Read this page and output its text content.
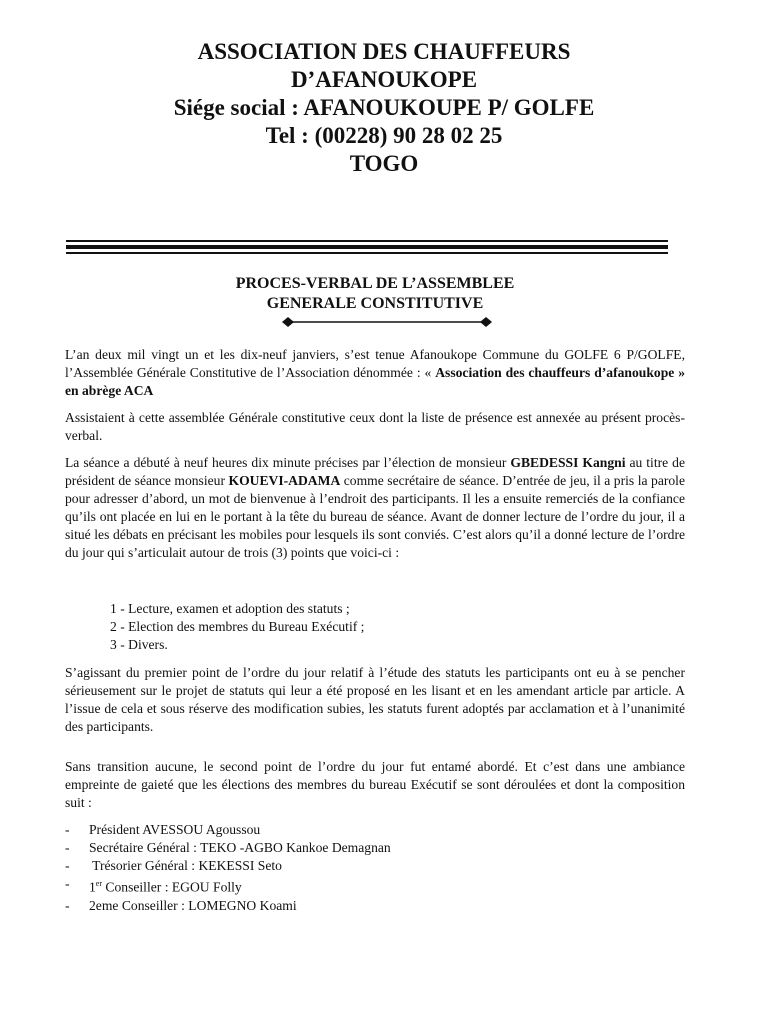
ASSOCIATION DES CHAUFFEURS
D’AFANOUKOPE
Siége social : AFANOUKOUPE P/ GOLFE
Tel : (00228) 90 28 02 25
TOGO
PROCES-VERBAL DE L’ASSEMBLEE
GENERALE CONSTITUTIVE

L’an deux mil vingt un et les dix-neuf janviers, s’est tenue Afanoukope Commune du GOLFE 6 P/GOLFE, l’Assemblée Générale Constitutive de l’Association dénommée : « Association des chauffeurs d’afanoukope » en abrège ACA

Assistaient à cette assemblée Générale constitutive ceux dont la liste de présence est annexée au présent procès-verbal.

La séance a débuté à neuf heures dix minute précises par l’élection de monsieur GBEDESSI Kangni au titre de président de séance monsieur KOUEVI-ADAMA comme secrétaire de séance. D’entrée de jeu, il a pris la parole pour adresser d’abord, un mot de bienvenue à l’endroit des participants. Il les a ensuite remerciés de la confiance qu’ils ont placée en lui en le portant à la tête du bureau de séance. Avant de donner lecture de l’ordre du jour, il a situé les débats en précisant les mobiles pour lesquels ils sont conviés. C’est alors qu’il a donné lecture de l’ordre du jour qui s’articulait autour de trois (3) points que voici-ci :

1 - Lecture, examen et adoption des statuts ;
2 - Election des membres du Bureau Exécutif ;
3 - Divers.

S’agissant du premier point de l’ordre du jour relatif à l’étude des statuts les participants ont eu à se pencher sérieusement sur le projet de statuts qui leur a été proposé en les lisant et en les amendant article par article. A l’issue de cela et sous réserve des modification subies, les statuts furent adoptés par acclamation et à l’unanimité des participants.

Sans transition aucune, le second point de l’ordre du jour fut entamé abordé. Et c’est dans une ambiance empreinte de gaieté que les élections des membres du bureau Exécutif se sont déroulées et dont la composition suit :

-	Président AVESSOU Agoussou
-	Secrétaire Général : TEKO -AGBO Kankoe Demagnan
-	Trésorier Général : KEKESSI Seto
-	1er Conseiller : EGOU Folly
-	2eme Conseiller : LOMEGNO Koami
